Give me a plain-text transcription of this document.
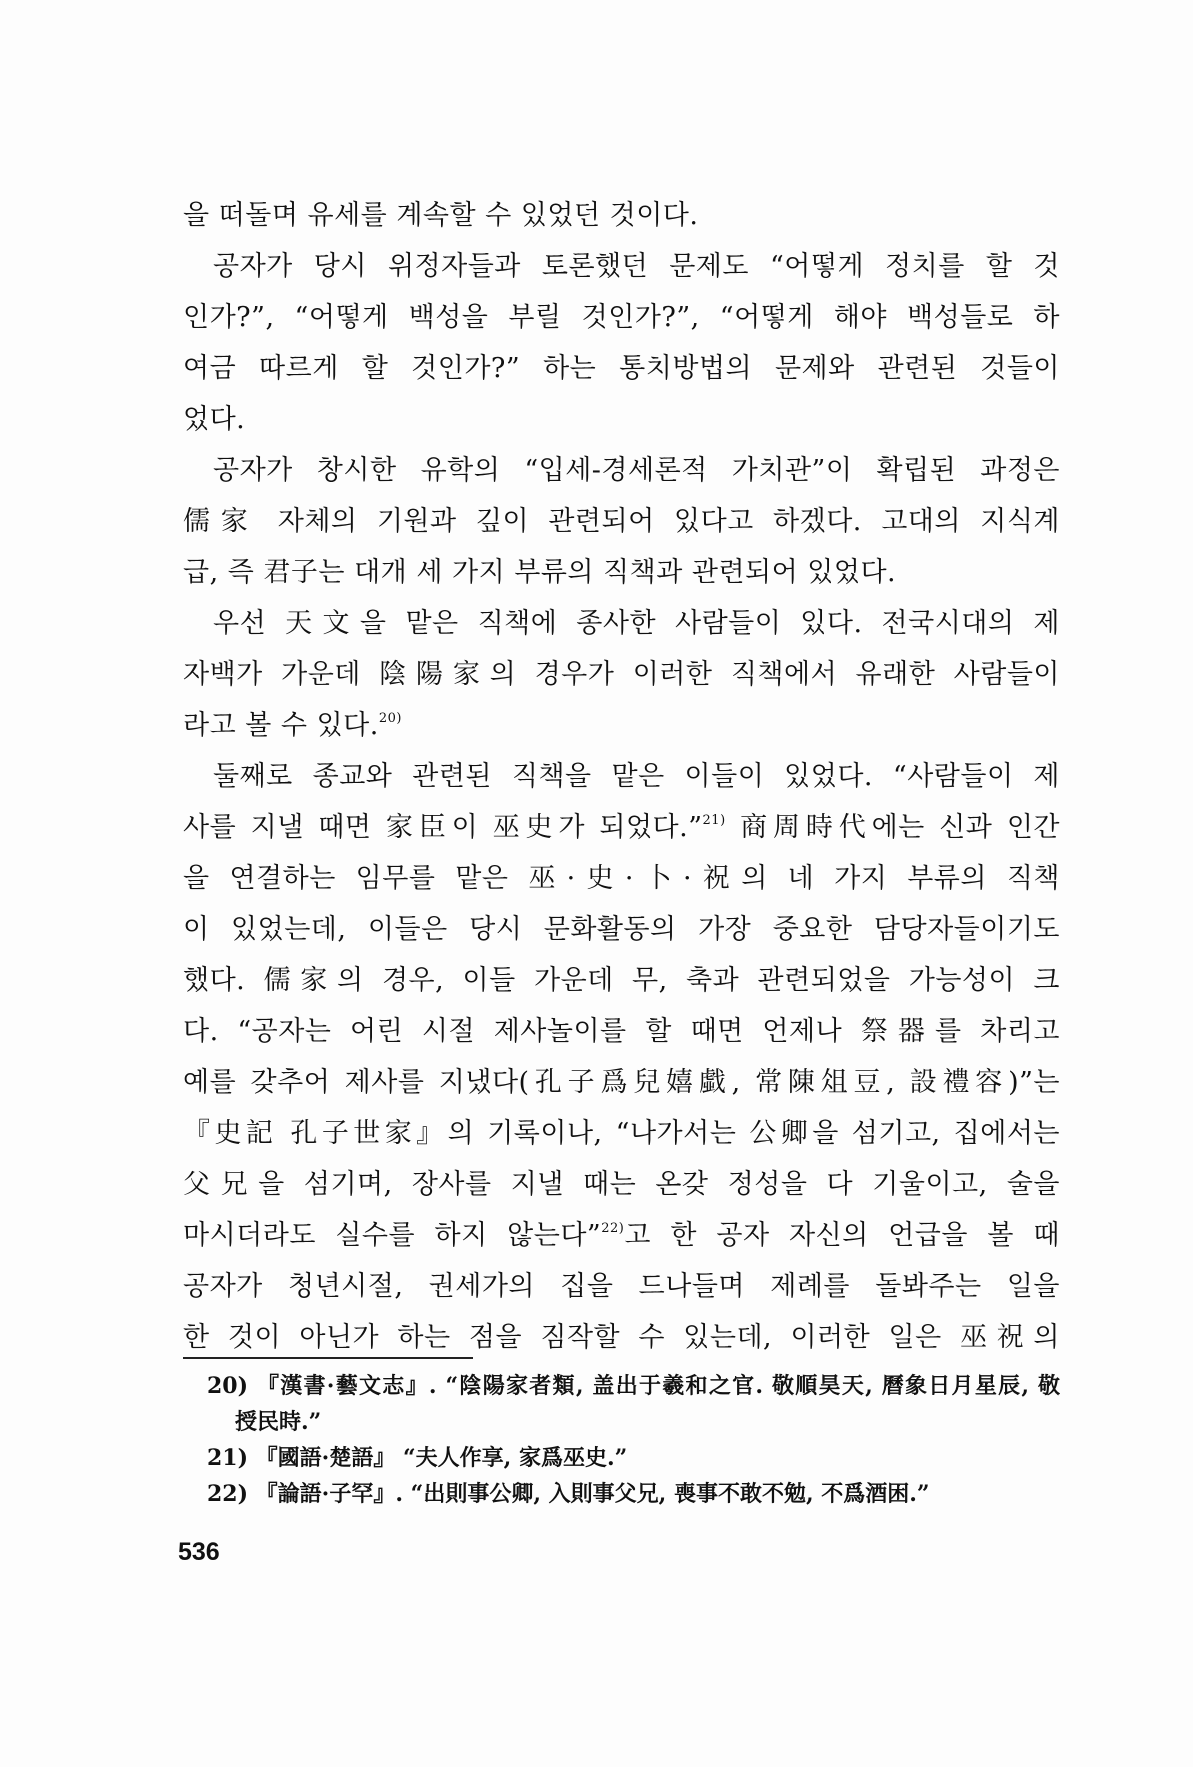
을 떠돌며 유세를 계속할 수 있었던 것이다.
공자가 당시 위정자들과 토론했던 문제도 “어떻게 정치를 할 것
인가?”, “어떻게 백성을 부릴 것인가?”, “어떻게 해야 백성들로 하
여금 따르게 할 것인가?” 하는 통치방법의 문제와 관련된 것들이
었다.
공자가 창시한 유학의 “입세-경세론적 가치관”이 확립된 과정은
儒家 자체의 기원과 깊이 관련되어 있다고 하겠다. 고대의 지식계
급, 즉 君子는 대개 세 가지 부류의 직책과 관련되어 있었다.
우선 天文을 맡은 직책에 종사한 사람들이 있다. 전국시대의 제
자백가 가운데 陰陽家의 경우가 이러한 직책에서 유래한 사람들이
라고 볼 수 있다.$^{20)}$
둘째로 종교와 관련된 직책을 맡은 이들이 있었다. “사람들이 제
사를 지낼 때면 家臣이 巫史가 되었다.”$^{21)}$ 商周時代에는 신과 인간
을 연결하는 임무를 맡은 巫·史·卜·祝의 네 가지 부류의 직책
이 있었는데, 이들은 당시 문화활동의 가장 중요한 담당자들이기도
했다. 儒家의 경우, 이들 가운데 무, 축과 관련되었을 가능성이 크
다. “공자는 어린 시절 제사놀이를 할 때면 언제나 祭器를 차리고
예를 갖추어 제사를 지냈다(孔子爲兒嬉戱, 常陳俎豆, 設禮容)”는
『史記 孔子世家』의 기록이나, “나가서는 公卿을 섬기고, 집에서는
父兄을 섬기며, 장사를 지낼 때는 온갖 정성을 다 기울이고, 술을
마시더라도 실수를 하지 않는다”$^{22)}$고 한 공자 자신의 언급을 볼 때
공자가 청년시절, 권세가의 집을 드나들며 제례를 돌봐주는 일을
한 것이 아닌가 하는 점을 짐작할 수 있는데, 이러한 일은 巫祝의
20) 『漢書·藝文志』. “陰陽家者類, 盖出于羲和之官. 敬順昊天, 曆象日月星辰, 敬
授民時.”
21) 『國語·楚語』 “夫人作享, 家爲巫史.”
22) 『論語·子罕』. “出則事公卿, 入則事父兄, 喪事不敢不勉, 不爲酒困.”
536
